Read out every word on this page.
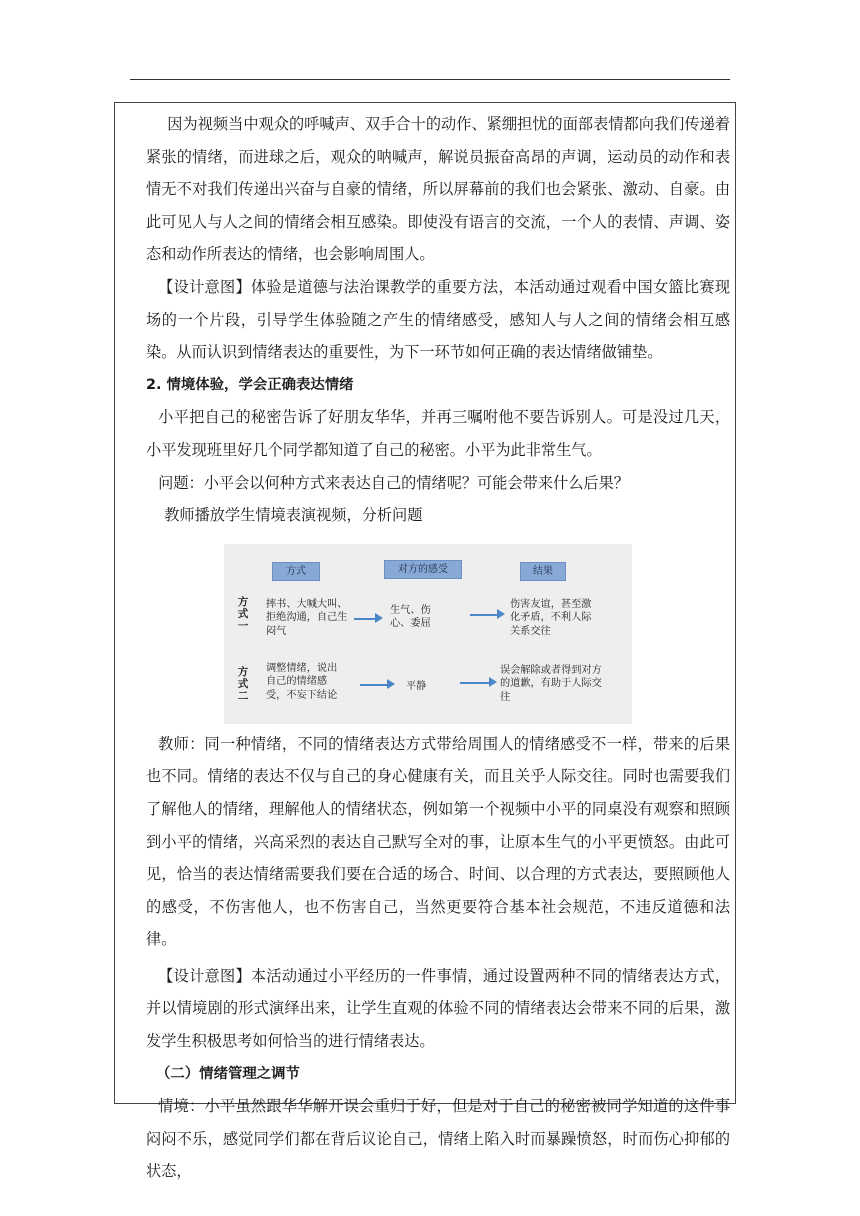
因为视频当中观众的呼喊声、双手合十的动作、紧绷担忧的面部表情都向我们传递着紧张的情绪，而进球之后，观众的呐喊声，解说员振奋高昂的声调，运动员的动作和表情无不对我们传递出兴奋与自豪的情绪，所以屏幕前的我们也会紧张、激动、自豪。由此可见人与人之间的情绪会相互感染。即使没有语言的交流，一个人的表情、声调、姿态和动作所表达的情绪，也会影响周围人。

【设计意图】体验是道德与法治课教学的重要方法，本活动通过观看中国女篮比赛现场的一个片段，引导学生体验随之产生的情绪感受，感知人与人之间的情绪会相互感染。从而认识到情绪表达的重要性，为下一环节如何正确的表达情绪做铺垫。

2. 情境体验，学会正确表达情绪

小平把自己的秘密告诉了好朋友华华，并再三嘱咐他不要告诉别人。可是没过几天，小平发现班里好几个同学都知道了自己的秘密。小平为此非常生气。

问题：小平会以何种方式来表达自己的情绪呢？可能会带来什么后果？

教师播放学生情境表演视频，分析问题

方式	对方的感受	结果
方式一
摔书、大喊大叫、拒绝沟通，自己生闷气
生气、伤心、委屈
伤害友谊，甚至激化矛盾，不利人际关系交往
方式二
调整情绪，说出自己的情绪感受，不妄下结论
平静
误会解除或者得到对方的道歉，有助于人际交往

教师：同一种情绪，不同的情绪表达方式带给周围人的情绪感受不一样，带来的后果也不同。情绪的表达不仅与自己的身心健康有关，而且关乎人际交往。同时也需要我们了解他人的情绪，理解他人的情绪状态，例如第一个视频中小平的同桌没有观察和照顾到小平的情绪，兴高采烈的表达自己默写全对的事，让原本生气的小平更愤怒。由此可见，恰当的表达情绪需要我们要在合适的场合、时间、以合理的方式表达，要照顾他人的感受，不伤害他人，也不伤害自己，当然更要符合基本社会规范，不违反道德和法律。

【设计意图】本活动通过小平经历的一件事情，通过设置两种不同的情绪表达方式，并以情境剧的形式演绎出来，让学生直观的体验不同的情绪表达会带来不同的后果，激发学生积极思考如何恰当的进行情绪表达。

（二）情绪管理之调节

情境：小平虽然跟华华解开误会重归于好，但是对于自己的秘密被同学知道的这件事闷闷不乐，感觉同学们都在背后议论自己，情绪上陷入时而暴躁愤怒，时而伤心抑郁的状态，
